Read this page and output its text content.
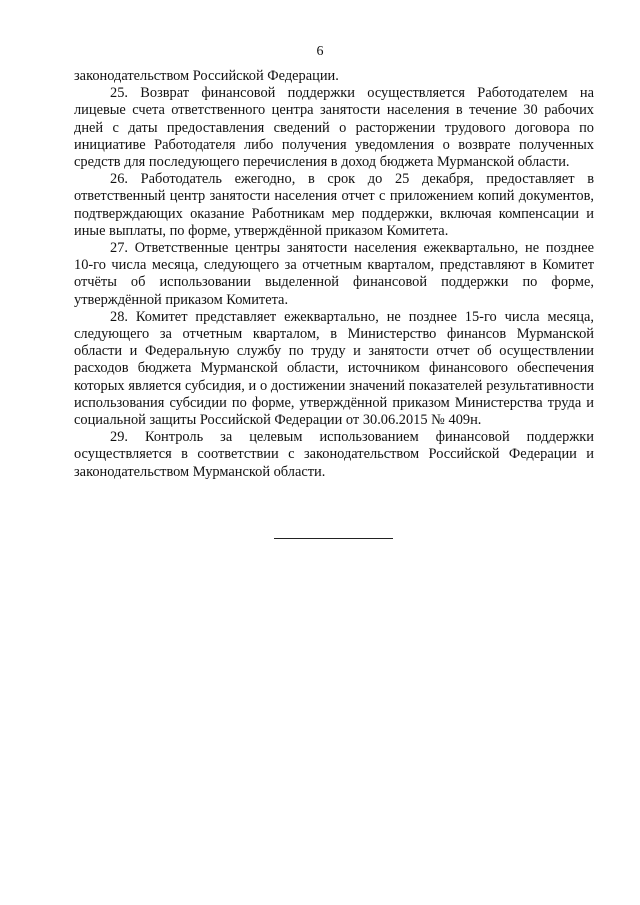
6

законодательством Российской Федерации.

25. Возврат финансовой поддержки осуществляется Работодателем на лицевые счета ответственного центра занятости населения в течение 30 рабочих дней с даты предоставления сведений о расторжении трудового договора по инициативе Работодателя либо получения уведомления о возврате полученных средств для последующего перечисления в доход бюджета Мурманской области.

26. Работодатель ежегодно, в срок до 25 декабря, предоставляет в ответственный центр занятости населения отчет с приложением копий документов, подтверждающих оказание Работникам мер поддержки, включая компенсации и иные выплаты, по форме, утверждённой приказом Комитета.

27. Ответственные центры занятости населения ежеквартально, не позднее 10-го числа месяца, следующего за отчетным кварталом, представляют в Комитет отчёты об использовании выделенной финансовой поддержки по форме, утверждённой приказом Комитета.

28. Комитет представляет ежеквартально, не позднее 15-го числа месяца, следующего за отчетным кварталом, в Министерство финансов Мурманской области и Федеральную службу по труду и занятости отчет об осуществлении расходов бюджета Мурманской области, источником финансового обеспечения которых является субсидия, и о достижении значений показателей результативности использования субсидии по форме, утверждённой приказом Министерства труда и социальной защиты Российской Федерации от 30.06.2015 № 409н.

29. Контроль за целевым использованием финансовой поддержки осуществляется в соответствии с законодательством Российской Федерации и законодательством Мурманской области.
